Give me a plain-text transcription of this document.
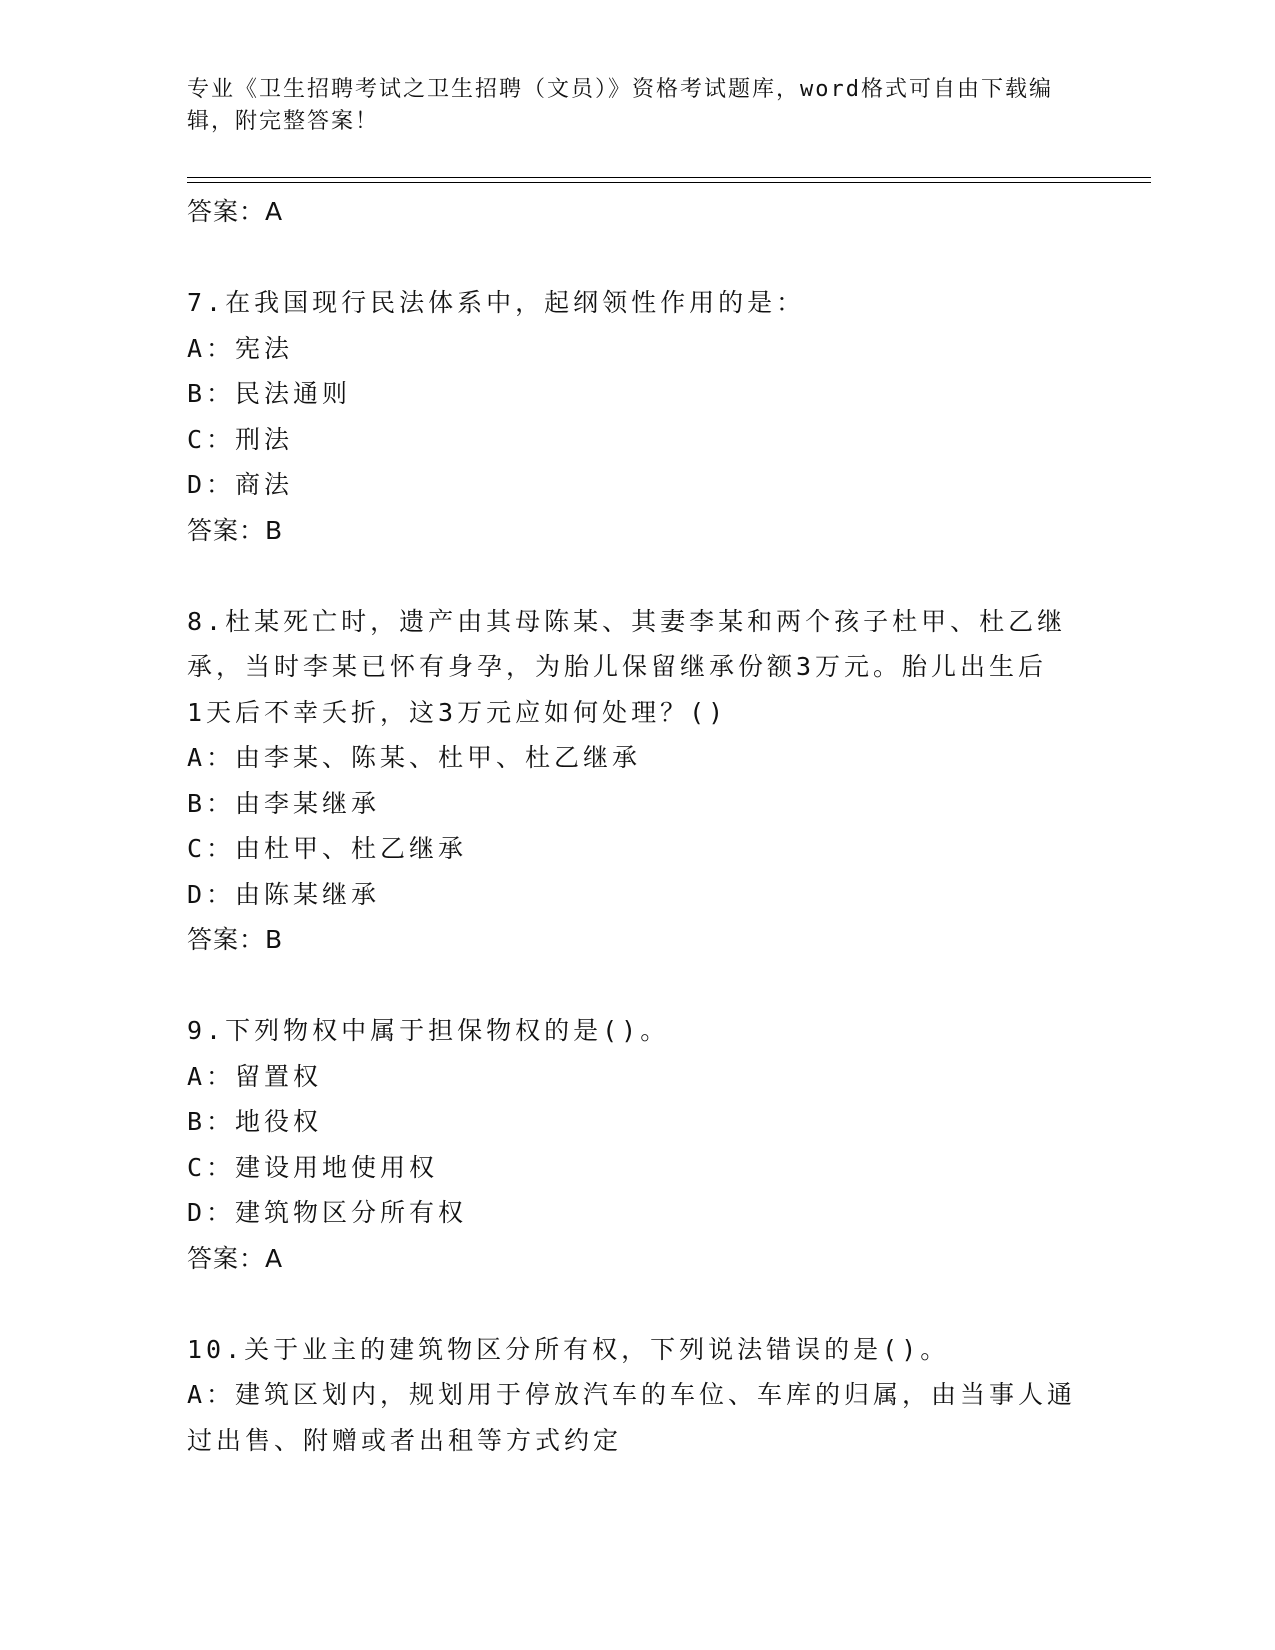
专业《卫生招聘考试之卫生招聘（文员）》资格考试题库，word格式可自由下载编辑，附完整答案！
答案：A
7.在我国现行民法体系中，起纲领性作用的是：
A：宪法
B：民法通则
C：刑法
D：商法
答案：B
8.杜某死亡时，遗产由其母陈某、其妻李某和两个孩子杜甲、杜乙继
承，当时李某已怀有身孕，为胎儿保留继承份额3万元。胎儿出生后
1天后不幸夭折，这3万元应如何处理？()
A：由李某、陈某、杜甲、杜乙继承
B：由李某继承
C：由杜甲、杜乙继承
D：由陈某继承
答案：B
9.下列物权中属于担保物权的是()。
A：留置权
B：地役权
C：建设用地使用权
D：建筑物区分所有权
答案：A
10.关于业主的建筑物区分所有权，下列说法错误的是()。
A：建筑区划内，规划用于停放汽车的车位、车库的归属，由当事人通
过出售、附赠或者出租等方式约定
